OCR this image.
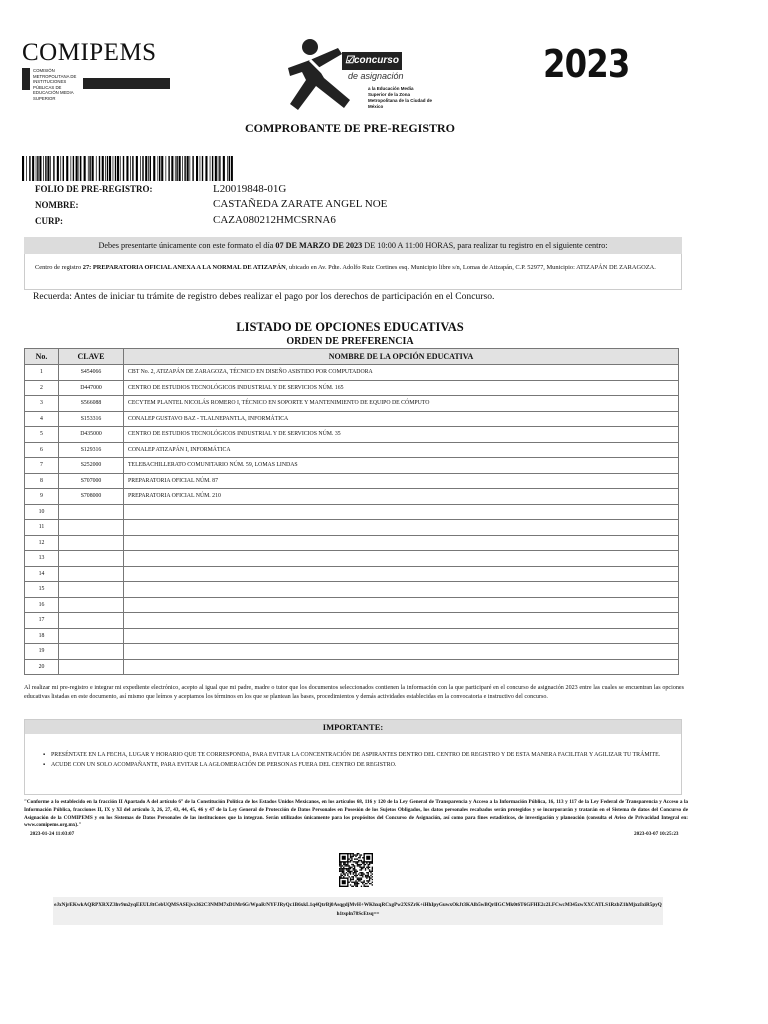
COMIPEMS
COMISIÓN METROPOLITANA DE INSTITUCIONES PÚBLICAS DE EDUCACIÓN MEDIA SUPERIOR
☑concurso
de asignación
a la Educación Media Superior de la Zona Metropolitana de la Ciudad de México
2023
COMPROBANTE DE PRE-REGISTRO
FOLIO DE PRE-REGISTRO:	L20019848-01G
NOMBRE:	CASTAÑEDA ZARATE ANGEL NOE
CURP:	CAZA080212HMCSRNA6
Debes presentarte únicamente con este formato el día 07 DE MARZO DE 2023 DE 10:00 A 11:00 HORAS, para realizar tu registro en el siguiente centro:

Centro de registro 27: PREPARATORIA OFICIAL ANEXA A LA NORMAL DE ATIZAPÁN, ubicado en Av. Pdte. Adolfo Ruiz Cortines esq. Municipio libre s/n, Lomas de Atizapán, C.P. 52977, Municipio: ATIZAPÁN DE ZARAGOZA.

Recuerda: Antes de iniciar tu trámite de registro debes realizar el pago por los derechos de participación en el Concurso.
LISTADO DE OPCIONES EDUCATIVAS
ORDEN DE PREFERENCIA
No.	CLAVE	NOMBRE DE LA OPCIÓN EDUCATIVA
1	S454066	CBT No. 2, ATIZAPÁN DE ZARAGOZA, TÉCNICO EN DISEÑO ASISTIDO POR COMPUTADORA
2	D447000	CENTRO DE ESTUDIOS TECNOLÓGICOS INDUSTRIAL Y DE SERVICIOS NÚM. 165
3	S566088	CECYTEM PLANTEL NICOLÁS ROMERO I, TÉCNICO EN SOPORTE Y MANTENIMIENTO DE EQUIPO DE CÓMPUTO
4	S153316	CONALEP GUSTAVO BAZ - TLALNEPANTLA, INFORMÁTICA
5	D435000	CENTRO DE ESTUDIOS TECNOLÓGICOS INDUSTRIAL Y DE SERVICIOS NÚM. 35
6	S129316	CONALEP ATIZAPÁN I, INFORMÁTICA
7	S252000	TELEBACHILLERATO COMUNITARIO NÚM. 59, LOMAS LINDAS
8	S707000	PREPARATORIA OFICIAL NÚM. 87
9	S708000	PREPARATORIA OFICIAL NÚM. 210
10		
11		
12		
13		
14		
15		
16		
17		
18		
19		
20		
Al realizar mi pre-registro e integrar mi expediente electrónico, acepto al igual que mi padre, madre o tutor que los documentos seleccionados contienen la información con la que participaré en el concurso de asignación 2023 entre las cuales se encuentran las opciones educativas listadas en este documento, así mismo que leímos y aceptamos los términos en los que se plantean las bases, procedimientos y demás actividades establecidas en la convocatoria e instructivo del concurso.
IMPORTANTE:
▪ PRESÉNTATE EN LA FECHA, LUGAR Y HORARIO QUE TE CORRESPONDA, PARA EVITAR LA CONCENTRACIÓN DE ASPIRANTES DENTRO DEL CENTRO DE REGISTRO Y DE ESTA MANERA FACILITAR Y AGILIZAR TU TRÁMITE.
▪ ACUDE CON UN SOLO ACOMPAÑANTE, PARA EVITAR LA AGLOMERACIÓN DE PERSONAS FUERA DEL CENTRO DE REGISTRO.
"Conforme a lo establecido en la fracción II Apartado A del artículo 6° de la Constitución Política de los Estados Unidos Mexicanos, en los artículos 68, 116 y 120 de la Ley General de Transparencia y Acceso a la Información Pública, 16, 113 y 117 de la Ley Federal de Transparencia y Acceso a la Información Pública, fracciones II, IX y XI del artículo 3, 26, 27, 43, 44, 45, 46 y 47 de la Ley General de Protección de Datos Personales en Posesión de los Sujetos Obligados, los datos personales recabados serán protegidos y se incorporarán y tratarán en el Sistema de datos del Concurso de Asignación de la COMIPEMS y en los Sistemas de Datos Personales de las instituciones que la integran. Serán utilizados únicamente para los propósitos del Concurso de Asignación, así como para fines estadísticos, de investigación y planeación (consulta el Aviso de Privacidad Integral en: www.comipems.org.mx)."
2023-01-24 11:03:07	2023-03-07 10:25:23
eJxNjrEKwkAQRPXRXZ3hv9m2yqEEUL8tCebUQMSASEjvx362C3NMM7xD1Mr6G/WpaR/NYFJRyQc1B6xkL1q4QtrBj0AsqgdjMvH+WKhxqRCxgPw2XSZrK+iHhIpyGuwxOkJt3KAlb5wBQrlIGCMk0t6T6GFHE2c2LFCwcM345zwXXCATLS1RzbZ1hMjxzIxiR5pyQh1tspln78ScEtsq==
